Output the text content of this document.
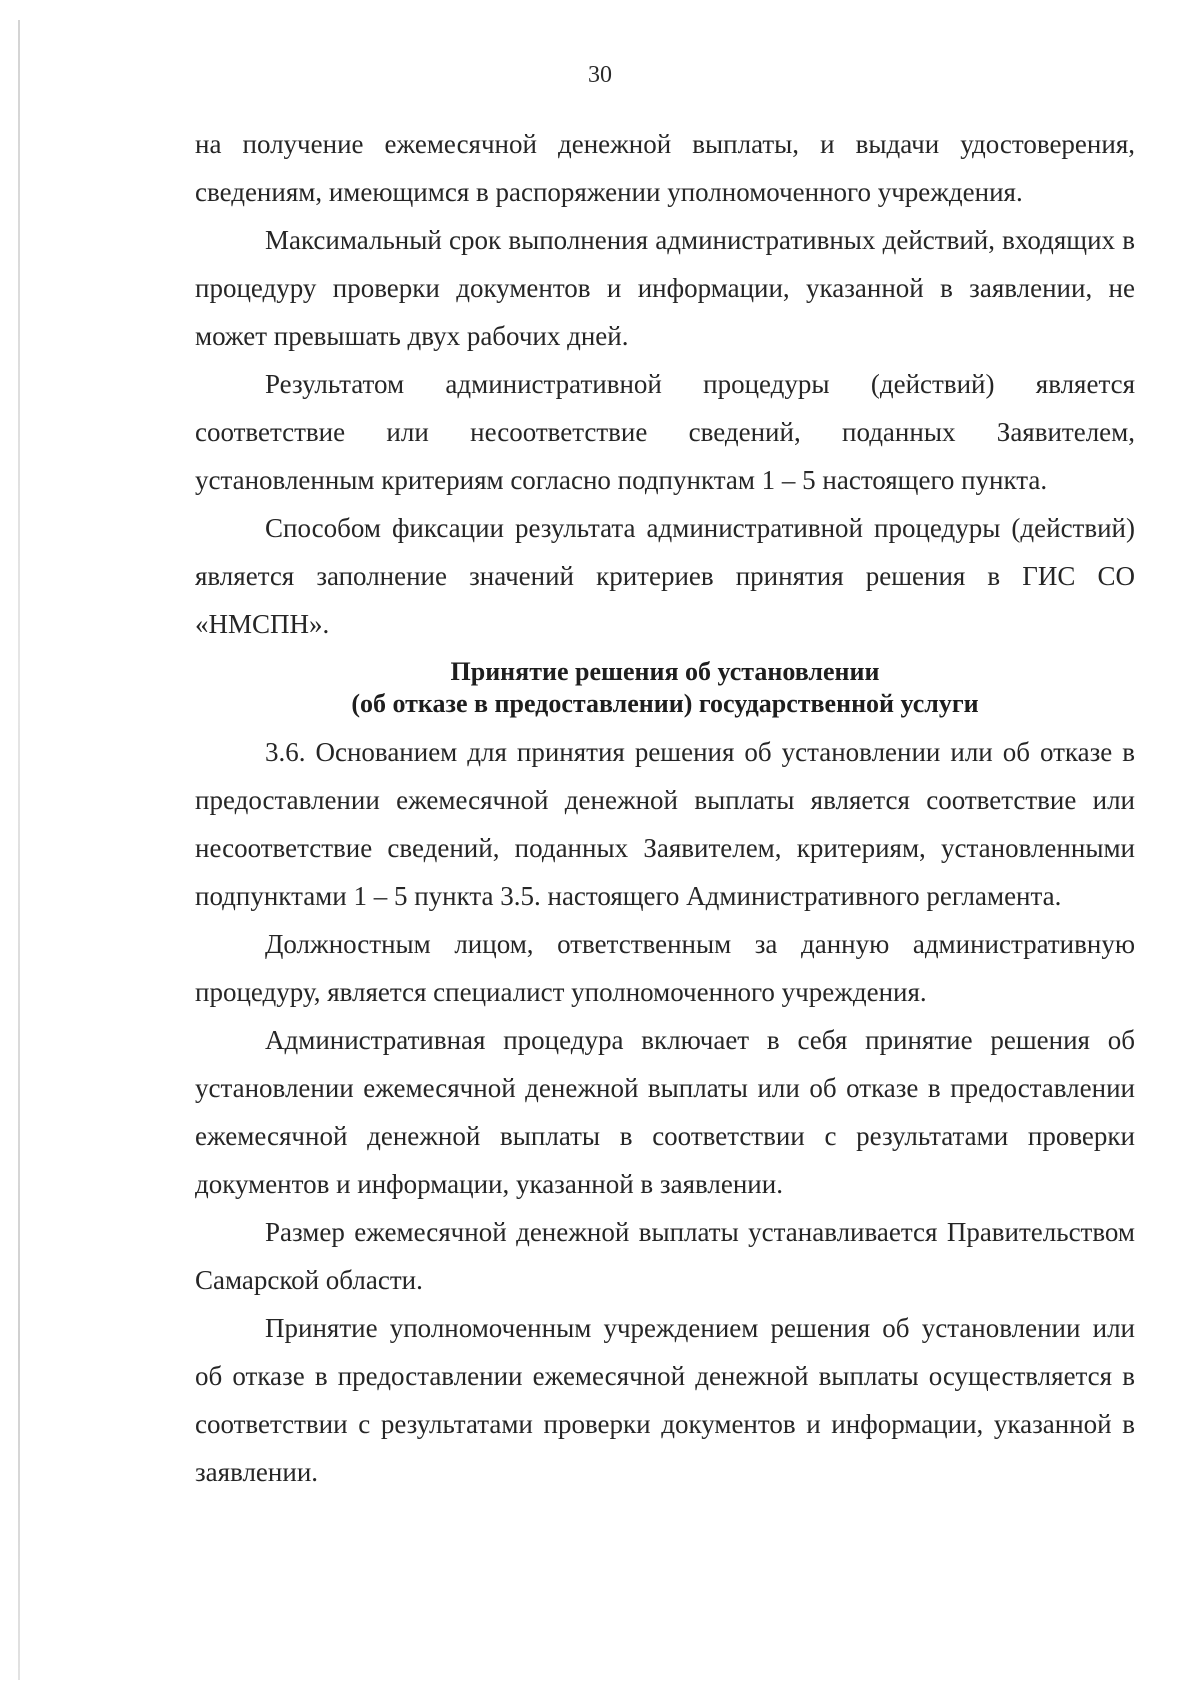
30

на получение ежемесячной денежной выплаты, и выдачи удостоверения, сведениям, имеющимся в распоряжении уполномоченного учреждения.

Максимальный срок выполнения административных действий, входящих в процедуру проверки документов и информации, указанной в заявлении, не может превышать двух рабочих дней.

Результатом административной процедуры (действий) является соответствие или несоответствие сведений, поданных Заявителем, установленным критериям согласно подпунктам 1 – 5 настоящего пункта.

Способом фиксации результата административной процедуры (действий) является заполнение значений критериев принятия решения в ГИС СО «НМСПН».

Принятие решения об установлении
(об отказе в предоставлении) государственной услуги

3.6. Основанием для принятия решения об установлении или об отказе в предоставлении ежемесячной денежной выплаты является соответствие или несоответствие сведений, поданных Заявителем, критериям, установленными подпунктами 1 – 5 пункта 3.5. настоящего Административного регламента.

Должностным лицом, ответственным за данную административную процедуру, является специалист уполномоченного учреждения.

Административная процедура включает в себя принятие решения об установлении ежемесячной денежной выплаты или об отказе в предоставлении ежемесячной денежной выплаты в соответствии с результатами проверки документов и информации, указанной в заявлении.

Размер ежемесячной денежной выплаты устанавливается Правительством Самарской области.

Принятие уполномоченным учреждением решения об установлении или об отказе в предоставлении ежемесячной денежной выплаты осуществляется в соответствии с результатами проверки документов и информации, указанной в заявлении.
